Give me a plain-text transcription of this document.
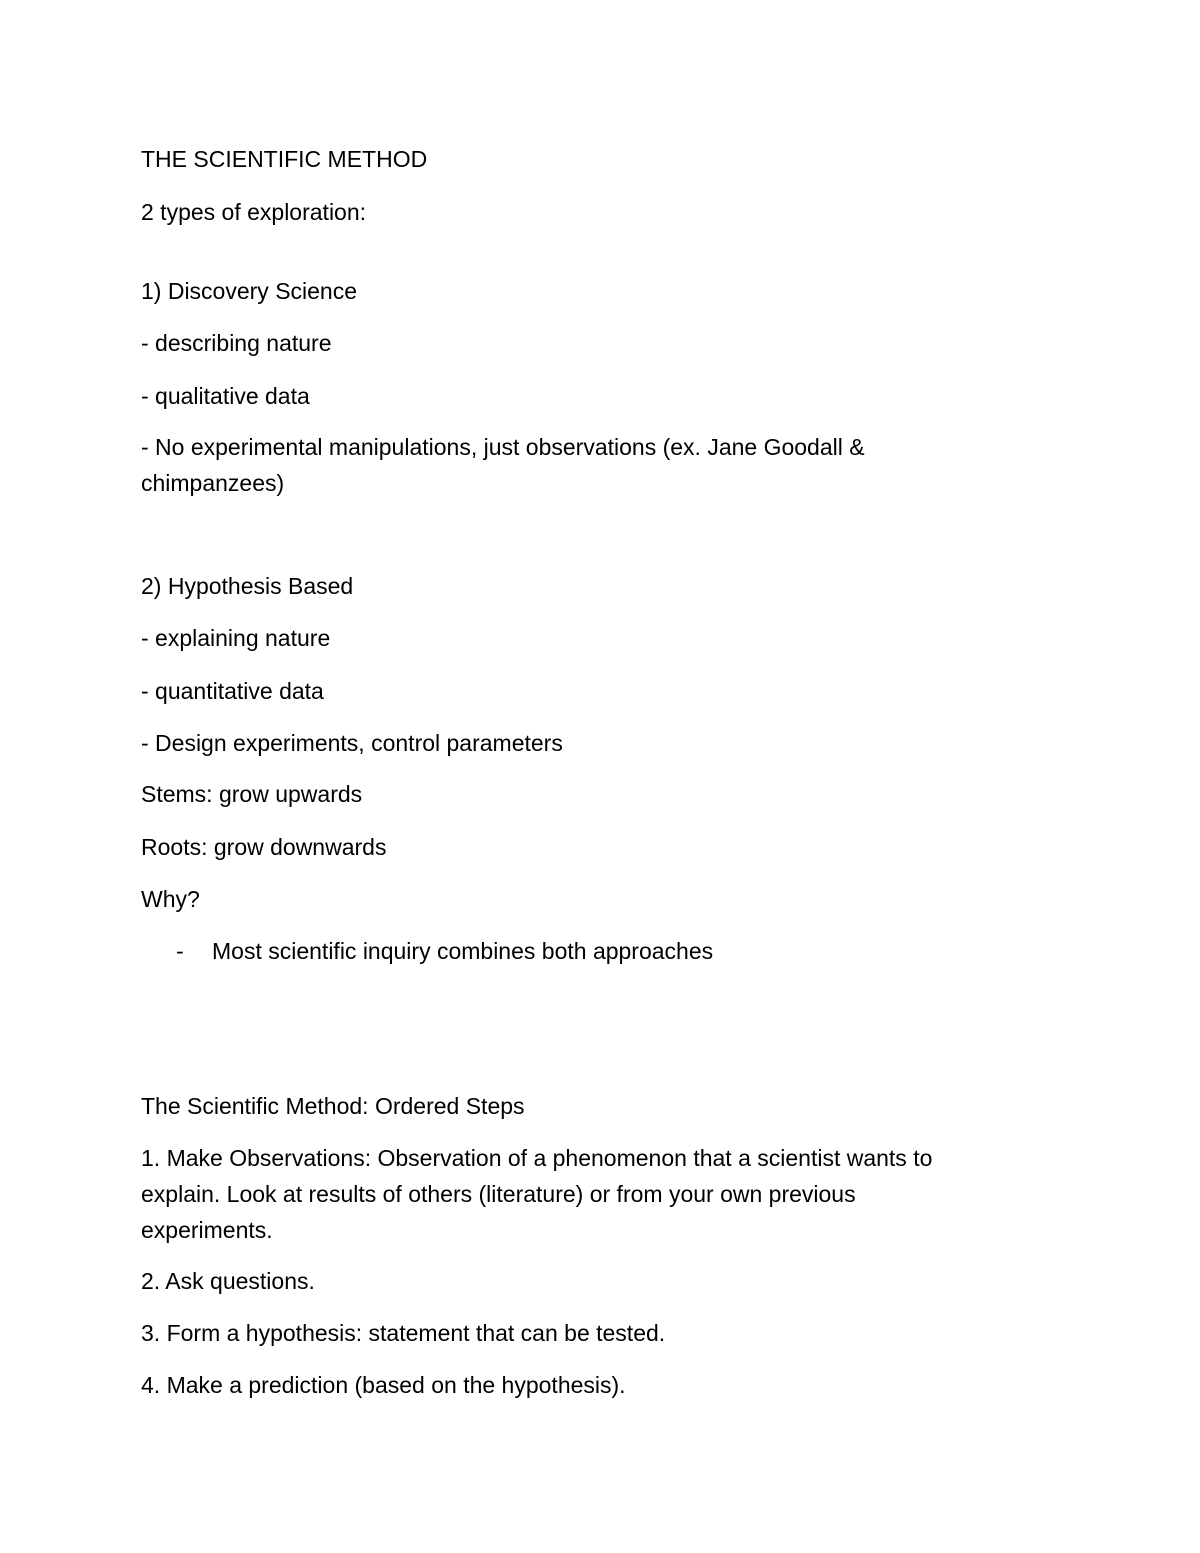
THE SCIENTIFIC METHOD
2 types of exploration:
1) Discovery Science
- describing nature
- qualitative data
- No experimental manipulations, just observations (ex. Jane Goodall &
chimpanzees)
2) Hypothesis Based
- explaining nature
- quantitative data
- Design experiments, control parameters
Stems: grow upwards
Roots: grow downwards
Why?
- Most scientific inquiry combines both approaches
The Scientific Method: Ordered Steps
1. Make Observations: Observation of a phenomenon that a scientist wants to
explain. Look at results of others (literature) or from your own previous
experiments.
2. Ask questions.
3. Form a hypothesis: statement that can be tested.
4. Make a prediction (based on the hypothesis).
